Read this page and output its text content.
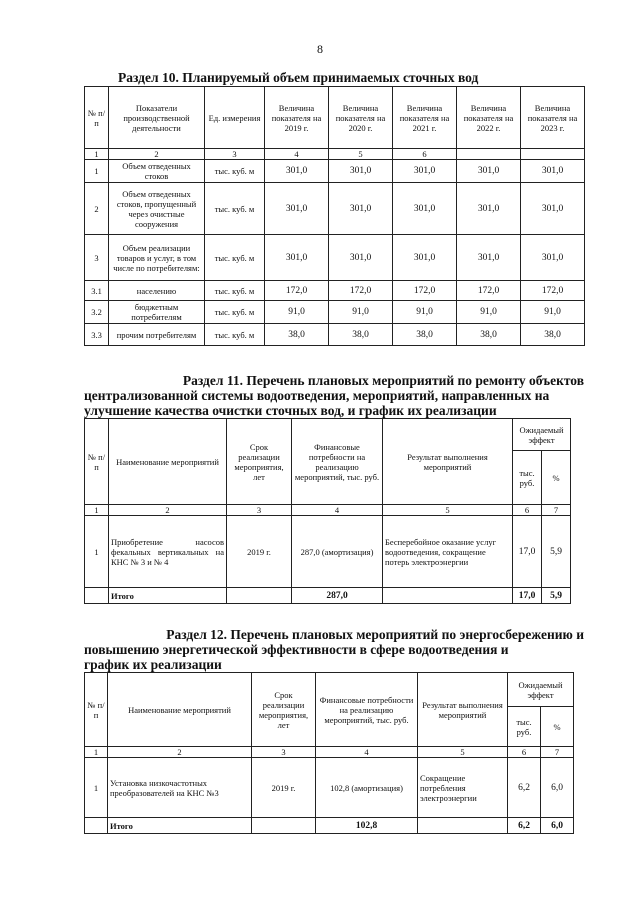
8
Раздел 10. Планируемый объем принимаемых сточных вод
№ п/п	Показатели производственной деятельности	Ед. измерения	Величина показателя на 2019 г.	Величина показателя на 2020 г.	Величина показателя на 2021 г.	Величина показателя на 2022 г.	Величина показателя на 2023 г.
1	2	3	4	5	6		
1	Объем отведенных стоков	тыс. куб. м	301,0	301,0	301,0	301,0	301,0
2	Объем отведенных стоков, пропущенный через очистные сооружения	тыс. куб. м	301,0	301,0	301,0	301,0	301,0
3	Объем реализации товаров и услуг, в том числе по потребителям:	тыс. куб. м	301,0	301,0	301,0	301,0	301,0
3.1	населению	тыс. куб. м	172,0	172,0	172,0	172,0	172,0
3.2	бюджетным потребителям	тыс. куб. м	91,0	91,0	91,0	91,0	91,0
3.3	прочим потребителям	тыс. куб. м	38,0	38,0	38,0	38,0	38,0
Раздел 11. Перечень плановых мероприятий по ремонту объектов
централизованной системы водоотведения, мероприятий, направленных на
улучшение качества очистки сточных вод, и график их реализации
№ п/п	Наименование мероприятий	Срок реализации мероприятия, лет	Финансовые потребности на реализацию мероприятий, тыс. руб.	Результат выполнения мероприятий	Ожидаемый эффект	
					тыс. руб.	%
1	2	3	4	5	6	7
1	Приобретение насосов фекальных вертикальных на КНС № 3 и № 4	2019 г.	287,0 (амортизация)	Бесперебойное оказание услуг водоотведения, сокращение потерь электроэнергии	17,0	5,9
	Итого		287,0		17,0	5,9
Раздел 12. Перечень плановых мероприятий по энергосбережению и
повышению энергетической эффективности в сфере водоотведения и
график их реализации
№ п/п	Наименование мероприятий	Срок реализации мероприятия, лет	Финансовые потребности на реализацию мероприятий, тыс. руб.	Результат выполнения мероприятий	Ожидаемый эффект	
					тыс. руб.	%
1	2	3	4	5	6	7
1	Установка низкочастотных преобразователей на КНС №3	2019 г.	102,8 (амортизация)	Сокращение потребления электроэнергии	6,2	6,0
	Итого		102,8		6,2	6,0
